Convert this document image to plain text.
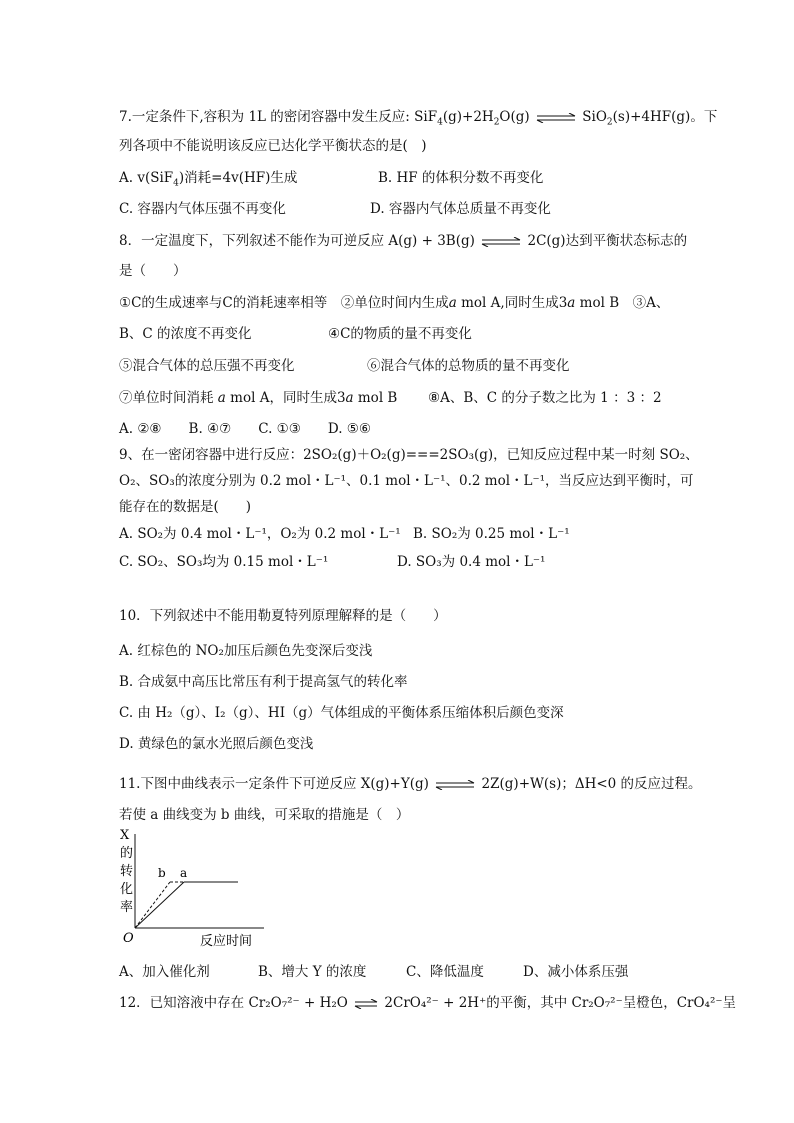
7.一定条件下,容积为 1L 的密闭容器中发生反应: $SiF_4(g)+2H_2O(g)$ ⇌ SiO$_2$(s)+4HF(g)。下
列各项中不能说明该反应已达化学平衡状态的是(　)
A. v(SiF$_4$)消耗=4v(HF)生成	B. HF 的体积分数不再变化
C. 容器内气体压强不再变化	D. 容器内气体总质量不再变化
8．一定温度下，下列叙述不能作为可逆反应 A(g) + 3B(g) ⇌ 2C(g)达到平衡状态标志的
是（　　）
①C的生成速率与C的消耗速率相等　②单位时间内生成a mol A,同时生成3a mol B　③A、
B、C 的浓度不再变化	④C的物质的量不再变化
⑤混合气体的总压强不再变化	⑥混合气体的总物质的量不再变化
⑦单位时间消耗 a mol A，同时生成3a mol B ⑧A、B、C 的分子数之比为 1 ：3 ：2
A. ②⑧　　B. ④⑦　　C. ①③　　D. ⑤⑥
9、在一密闭容器中进行反应：2SO₂(g)＋O₂(g)===2SO₃(g)，已知反应过程中某一时刻 SO₂、
O₂、SO₃的浓度分别为 0.2 mol・L⁻¹、0.1 mol・L⁻¹、0.2 mol・L⁻¹，当反应达到平衡时，可
能存在的数据是(　　)
A. SO₂为 0.4 mol・L⁻¹，O₂为 0.2 mol・L⁻¹ B. SO₂为 0.25 mol・L⁻¹
C. SO₂、SO₃均为 0.15 mol・L⁻¹	D. SO₃为 0.4 mol・L⁻¹
10．下列叙述中不能用勒夏特列原理解释的是（　　）
A. 红棕色的 NO₂加压后颜色先变深后变浅
B. 合成氨中高压比常压有利于提高氢气的转化率
C. 由 H₂（g）、I₂（g）、HI（g）气体组成的平衡体系压缩体积后颜色变深
D. 黄绿色的氯水光照后颜色变浅
11.下图中曲线表示一定条件下可逆反应 X(g)+Y(g) ⇌ 2Z(g)+W(s)；ΔH<0 的反应过程。
若使 a 曲线变为 b 曲线，可采取的措施是（　）
X
的
转
化
率
O	反应时间
b a
A、加入催化剂	B、增大 Y 的浓度	C、降低温度	D、减小体系压强
12．已知溶液中存在 Cr₂O₇²⁻ + H₂O ⇌ 2CrO₄²⁻ + 2H⁺的平衡，其中 Cr₂O₇²⁻呈橙色，CrO₄²⁻呈
